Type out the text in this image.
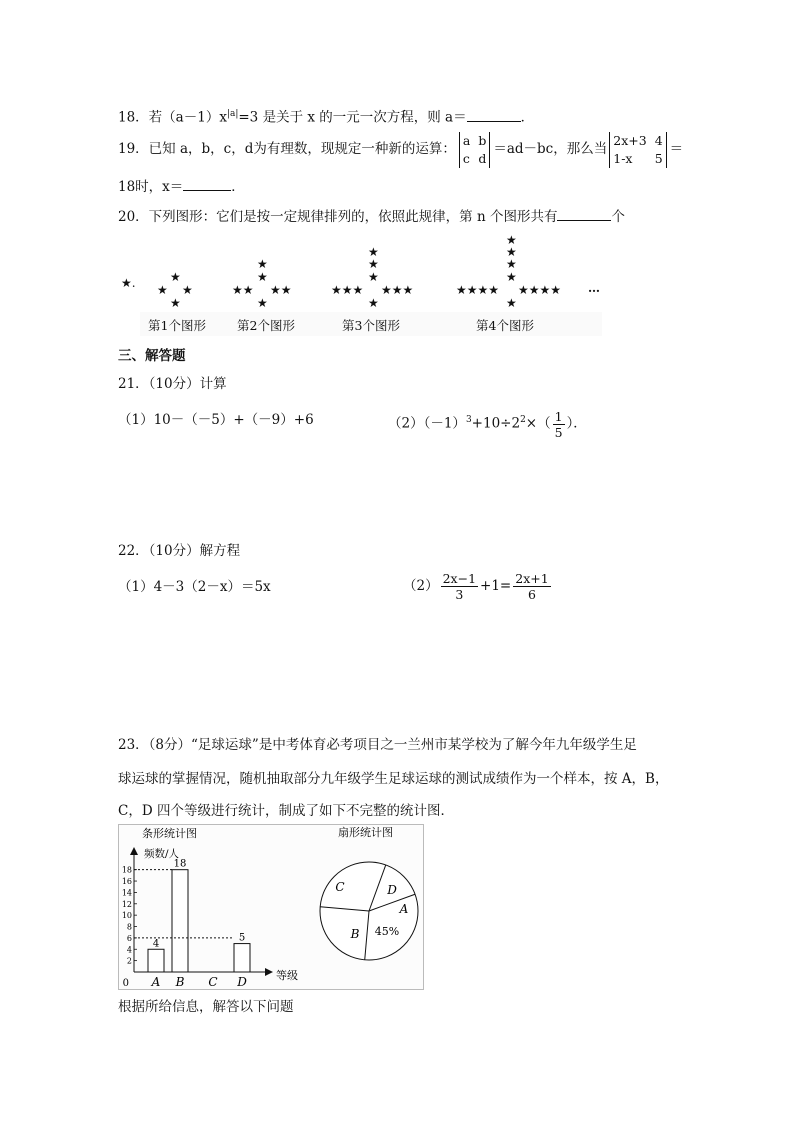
18．若$(a-1)x^{|a|}=3$ 是关于 x 的一元一次方程，则 a＝	．
19．已知 a，b，c，d为有理数，现规定一种新的运算：
a b
c d
＝ad－bc，那么当
2x+3 4
1-x 5
＝
18时，x＝	．
20．下列图形：它们是按一定规律排列的，依照此规律，第 n 个图形共有	个
★.	★
★ ★
★
★
★
★★ ★★
★
★
★
★
★★★ ★★★
★
★
★
★
★
★★★★ ★★★★
★
…
第1个图形 第2个图形	第3个图形	第4个图形
三、解答题
21．（10分）计算
（1）10－（－5）+（－9）+6	$(2)(-1)^3+10\div 2^2\times( \frac{1}{5}$ ）．
22．（10分）解方程
（1）4－3（2－x）＝5x	$(2) \frac{2x-1}{3} +1= \frac{2x+1}{6}$
23．（8分）“足球运球”是中考体育必考项目之一兰州市某学校为了解今年九年级学生足
球运球的掌握情况，随机抽取部分九年级学生足球运球的测试成绩作为一个样本，按 A，B，
C，D 四个等级进行统计，制成了如下不完整的统计图．
条形统计图
频数/人
等级
0
2
4
6
8
10
12
14
16
18
4
A
18
B C
5
D
扇形统计图
A
B
C	D
45%
根据所给信息，解答以下问题
